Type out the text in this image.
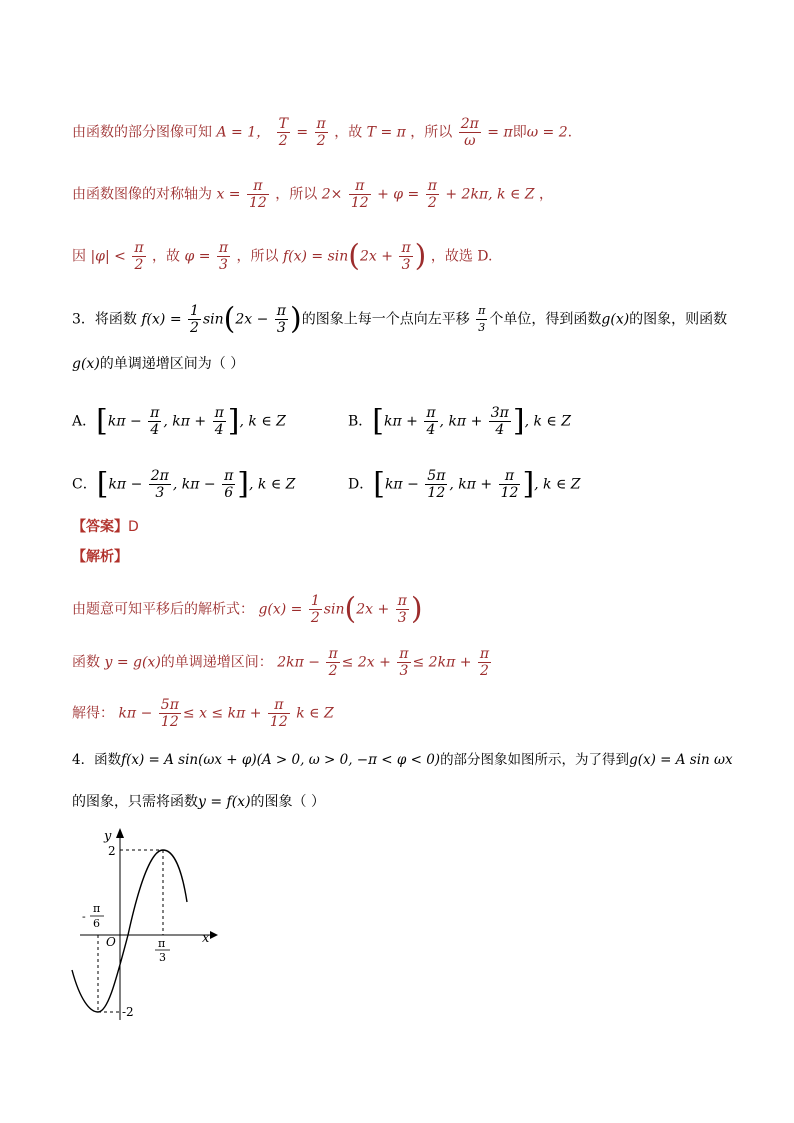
由函数的部分图像可知 A = 1， $\frac{T}{2} = \frac{\pi}{2}$ ，故 T = π ，所以 $\frac{2\pi}{\omega} = \pi$即ω = 2.
由函数图像的对称轴为 $x = \frac{\pi}{12}$ ，所以 $2\times \frac{\pi}{12} + \varphi = \frac{\pi}{2} + 2k\pi$, k ∈ Z ，
因 $|\varphi| < \frac{\pi}{2}$ ，故 $\varphi = \frac{\pi}{3}$ ，所以 $f(x) = \sin(2x + \frac{\pi}{3}$ ) ，故选 D.
3．将函数 $f(x) = \frac{1}{2} \sin(2x - \frac{\pi}{3}$ )的图象上每一个点向左平移 $\frac{\pi}{3}$ 个单位，得到函数g(x)的图象，则函数
g(x)的单调递增区间为（ ）
A．[$k\pi - \frac{\pi}{4}$ , $k\pi + \frac{\pi}{4}$ ], k ∈ Z	B．[$k\pi + \frac{\pi}{4}$ , $k\pi + \frac{3\pi}{4}$ ], k ∈ Z
C．[$k\pi - \frac{2\pi}{3}$ , $k\pi - \frac{\pi}{6}$ ], k ∈ Z	D．[$k\pi - \frac{5\pi}{12}$ , $k\pi + \frac{\pi}{12}$ ], k ∈ Z
【答案】D
【解析】
由题意可知平移后的解析式： $g(x) = \frac{1}{2} \sin(2x + \frac{\pi}{3}$ )
函数 y = g(x)的单调递增区间： $2k\pi - \frac{\pi}{2} \le 2x + \frac{\pi}{3} \le 2k\pi + \frac{\pi}{2}$
解得： $k\pi - \frac{5\pi}{12} \le x \le k\pi + \frac{\pi}{12}$ k ∈ Z
4．函数f(x) = A sin(ωx + φ)(A > 0, ω > 0, −π < φ < 0)的部分图象如图所示，为了得到g(x) = A sin ωx
的图象，只需将函数y = f(x)的图象（ ）
y
x
O
2
-2
-
π
6
π
3
